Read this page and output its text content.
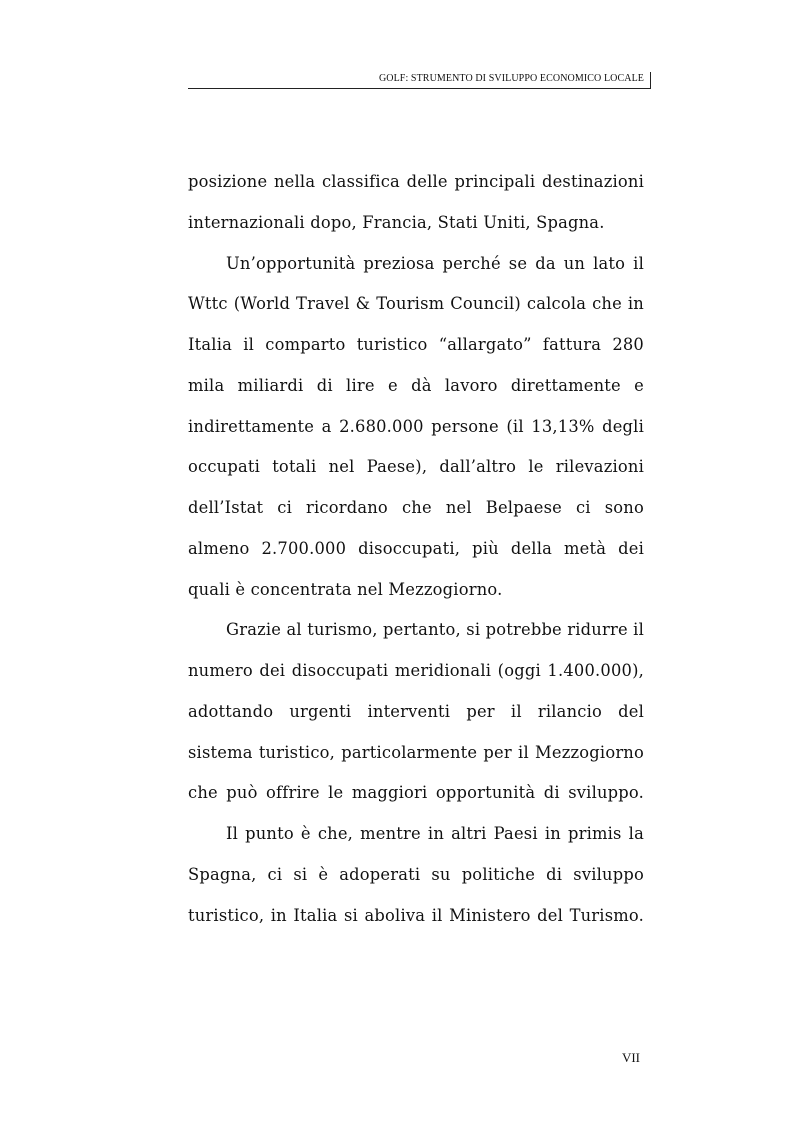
GOLF: STRUMENTO DI SVILUPPO ECONOMICO LOCALE
posizione nella classifica delle principali destinazioni
internazionali dopo, Francia, Stati Uniti, Spagna.
Un’opportunità preziosa perché se da un lato il
Wttc (World Travel & Tourism Council) calcola che in
Italia il comparto turistico “allargato” fattura 280
mila miliardi di lire e dà lavoro direttamente e
indirettamente a 2.680.000 persone (il 13,13% degli
occupati totali nel Paese), dall’altro le rilevazioni
dell’Istat ci ricordano che nel Belpaese ci sono
almeno 2.700.000 disoccupati, più della metà dei
quali è concentrata nel Mezzogiorno.
Grazie al turismo, pertanto, si potrebbe ridurre il
numero dei disoccupati meridionali (oggi 1.400.000),
adottando urgenti interventi per il rilancio del
sistema turistico, particolarmente per il Mezzogiorno
che può offrire le maggiori opportunità di sviluppo.
Il punto è che, mentre in altri Paesi in primis la
Spagna, ci si è adoperati su politiche di sviluppo
turistico, in Italia si aboliva il Ministero del Turismo.
VII
